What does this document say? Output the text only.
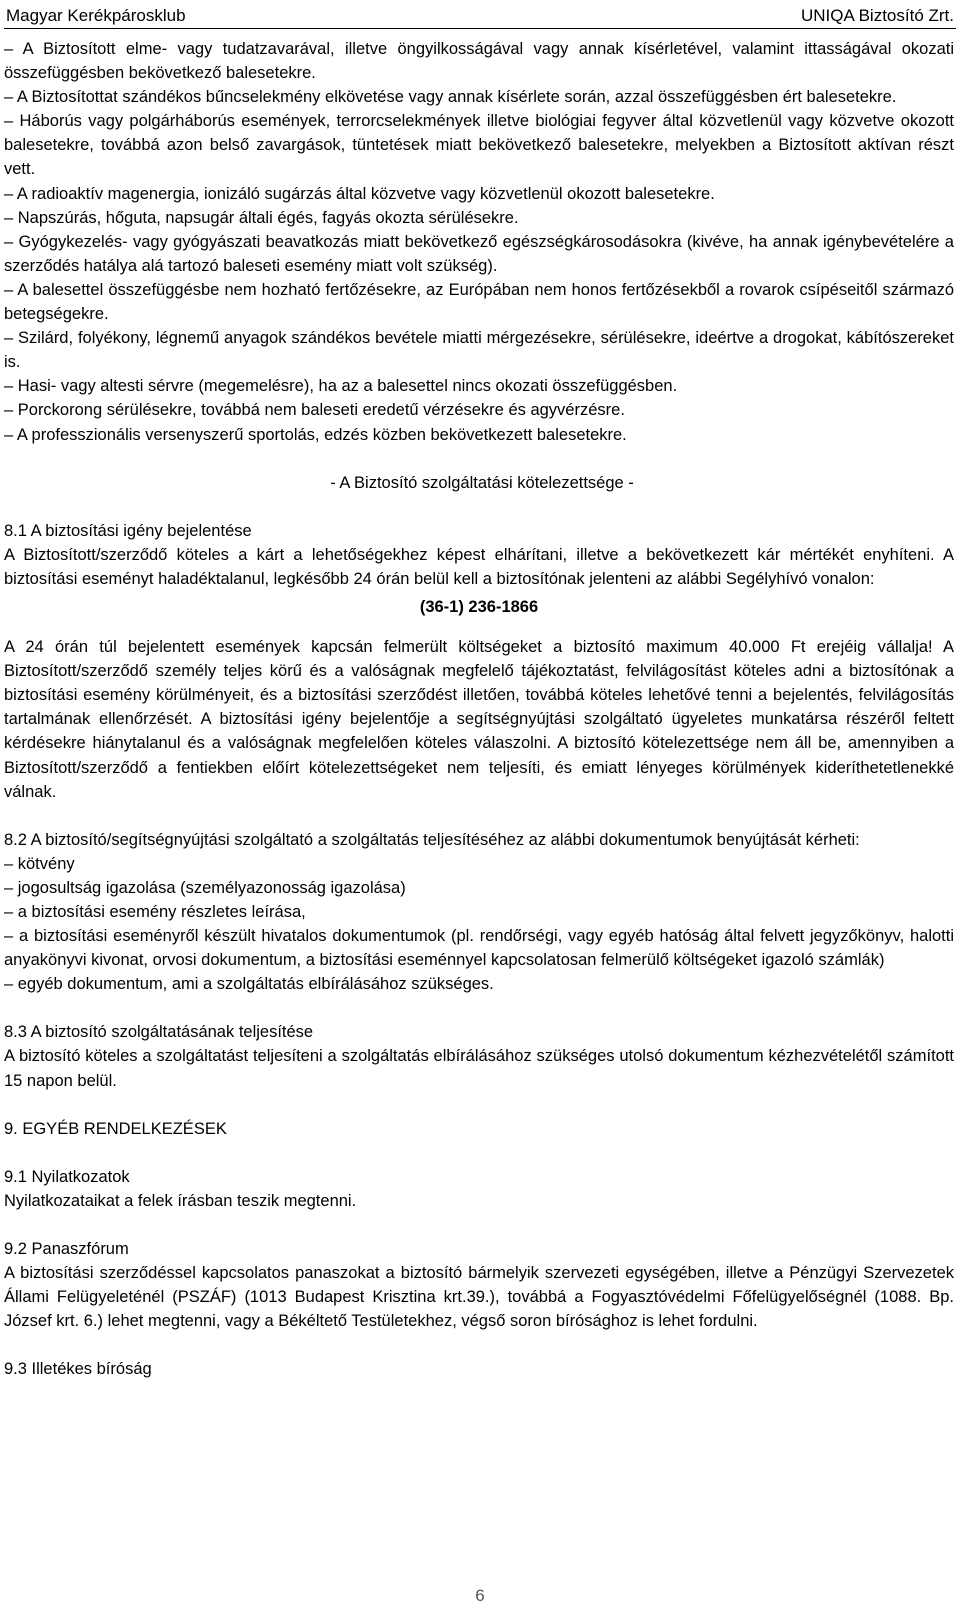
Magyar Kerékpárosklub	UNIQA Biztosító Zrt.

– A Biztosított elme- vagy tudatzavarával, illetve öngyilkosságával vagy annak kísérletével, valamint ittasságával okozati összefüggésben bekövetkező balesetekre.

– A Biztosítottat szándékos bűncselekmény elkövetése vagy annak kísérlete során, azzal összefüggésben ért balesetekre.

– Háborús vagy polgárháborús események, terrorcselekmények illetve biológiai fegyver által közvetlenül vagy közvetve okozott balesetekre, továbbá azon belső zavargások, tüntetések miatt bekövetkező balesetekre, melyekben a Biztosított aktívan részt vett.

– A radioaktív magenergia, ionizáló sugárzás által közvetve vagy közvetlenül okozott balesetekre.

– Napszúrás, hőguta, napsugár általi égés, fagyás okozta sérülésekre.

– Gyógykezelés- vagy gyógyászati beavatkozás miatt bekövetkező egészségkárosodásokra (kivéve, ha annak igénybevételére a szerződés hatálya alá tartozó baleseti esemény miatt volt szükség).

– A balesettel összefüggésbe nem hozható fertőzésekre, az Európában nem honos fertőzésekből a rovarok csípéseitől származó betegségekre.

– Szilárd, folyékony, légnemű anyagok szándékos bevétele miatti mérgezésekre, sérülésekre, ideértve a drogokat, kábítószereket is.

– Hasi- vagy altesti sérvre (megemelésre), ha az a balesettel nincs okozati összefüggésben.

– Porckorong sérülésekre, továbbá nem baleseti eredetű vérzésekre és agyvérzésre.

– A professzionális versenyszerű sportolás, edzés közben bekövetkezett balesetekre.

- A Biztosító szolgáltatási kötelezettsége -

8.1 A biztosítási igény bejelentése

A Biztosított/szerződő köteles a kárt a lehetőségekhez képest elhárítani, illetve a bekövetkezett kár mértékét enyhíteni. A biztosítási eseményt haladéktalanul, legkésőbb 24 órán belül kell a biztosítónak jelenteni az alábbi Segélyhívó vonalon:

(36-1) 236-1866

A 24 órán túl bejelentett események kapcsán felmerült költségeket a biztosító maximum 40.000 Ft erejéig vállalja! A Biztosított/szerződő személy teljes körű és a valóságnak megfelelő tájékoztatást, felvilágosítást köteles adni a biztosítónak a biztosítási esemény körülményeit, és a biztosítási szerződést illetően, továbbá köteles lehetővé tenni a bejelentés, felvilágosítás tartalmának ellenőrzését. A biztosítási igény bejelentője a segítségnyújtási szolgáltató ügyeletes munkatársa részéről feltett kérdésekre hiánytalanul és a valóságnak megfelelően köteles válaszolni. A biztosító kötelezettsége nem áll be, amennyiben a Biztosított/szerződő a fentiekben előírt kötelezettségeket nem teljesíti, és emiatt lényeges körülmények kideríthetetlenekké válnak.

8.2 A biztosító/segítségnyújtási szolgáltató a szolgáltatás teljesítéséhez az alábbi dokumentumok benyújtását kérheti:

– kötvény

– jogosultság igazolása (személyazonosság igazolása)

– a biztosítási esemény részletes leírása,

– a biztosítási eseményről készült hivatalos dokumentumok (pl. rendőrségi, vagy egyéb hatóság által felvett jegyzőkönyv, halotti anyakönyvi kivonat, orvosi dokumentum, a biztosítási eseménnyel kapcsolatosan felmerülő költségeket igazoló számlák)

– egyéb dokumentum, ami a szolgáltatás elbírálásához szükséges.

8.3 A biztosító szolgáltatásának teljesítése

A biztosító köteles a szolgáltatást teljesíteni a szolgáltatás elbírálásához szükséges utolsó dokumentum kézhezvételétől számított 15 napon belül.

9. EGYÉB RENDELKEZÉSEK

9.1 Nyilatkozatok

Nyilatkozataikat a felek írásban teszik megtenni.

9.2 Panaszfórum

A biztosítási szerződéssel kapcsolatos panaszokat a biztosító bármelyik szervezeti egységében, illetve a Pénzügyi Szervezetek Állami Felügyeleténél (PSZÁF) (1013 Budapest Krisztina krt.39.), továbbá a Fogyasztóvédelmi Főfelügyelőségnél (1088. Bp. József krt. 6.) lehet megtenni, vagy a Békéltető Testületekhez, végső soron bírósághoz is lehet fordulni.

9.3 Illetékes bíróság

6
